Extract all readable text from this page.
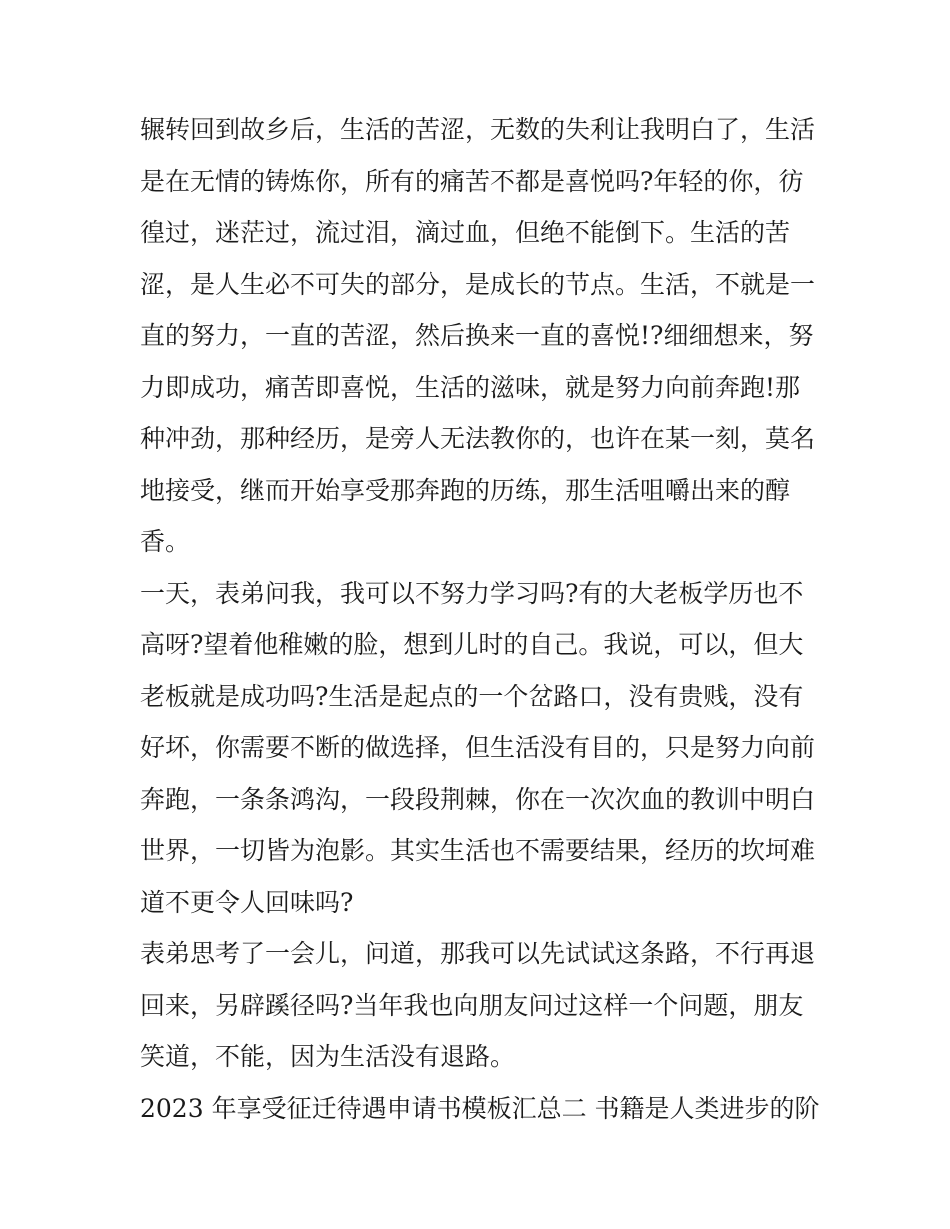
辗转回到故乡后，生活的苦涩，无数的失利让我明白了，生活
是在无情的铸炼你，所有的痛苦不都是喜悦吗?年轻的你，彷
徨过，迷茫过，流过泪，滴过血，但绝不能倒下。生活的苦
涩，是人生必不可失的部分，是成长的节点。生活，不就是一
直的努力，一直的苦涩，然后换来一直的喜悦!?细细想来，努
力即成功，痛苦即喜悦，生活的滋味，就是努力向前奔跑!那
种冲劲，那种经历，是旁人无法教你的，也许在某一刻，莫名
地接受，继而开始享受那奔跑的历练，那生活咀嚼出来的醇
香。
一天，表弟问我，我可以不努力学习吗?有的大老板学历也不
高呀?望着他稚嫩的脸，想到儿时的自己。我说，可以，但大
老板就是成功吗?生活是起点的一个岔路口，没有贵贱，没有
好坏，你需要不断的做选择，但生活没有目的，只是努力向前
奔跑，一条条鸿沟，一段段荆棘，你在一次次血的教训中明白
世界，一切皆为泡影。其实生活也不需要结果，经历的坎坷难
道不更令人回味吗?
表弟思考了一会儿，问道，那我可以先试试这条路，不行再退
回来，另辟蹊径吗?当年我也向朋友问过这样一个问题，朋友
笑道，不能，因为生活没有退路。
2023 年享受征迁待遇申请书模板汇总二 书籍是人类进步的阶
